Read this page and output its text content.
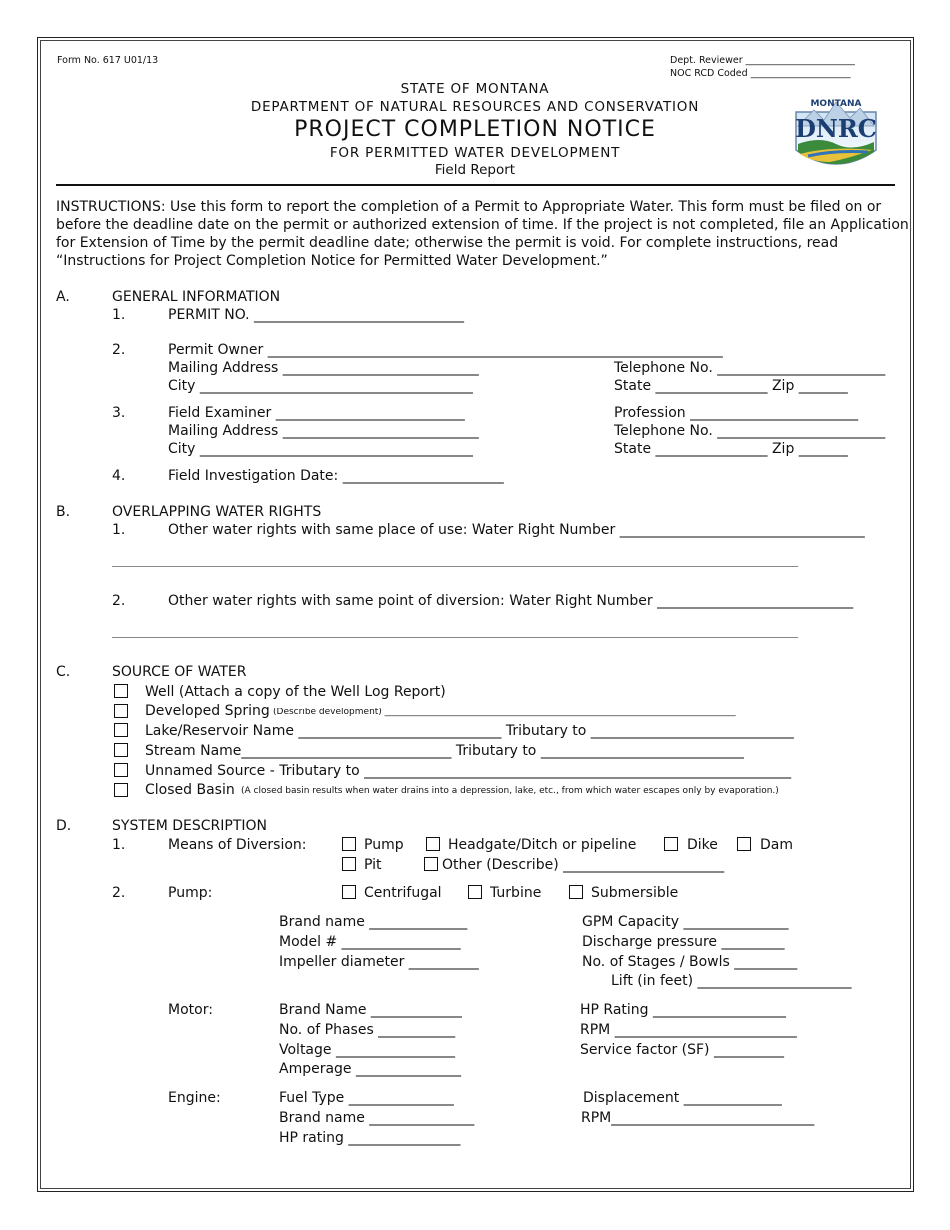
Form No. 617 U01/13	Dept. Reviewer _______________________
NOC RCD Coded _____________________
STATE OF MONTANA
DEPARTMENT OF NATURAL RESOURCES AND CONSERVATION
PROJECT COMPLETION NOTICE
FOR PERMITTED WATER DEVELOPMENT
Field Report
MONTANA
DNRC
INSTRUCTIONS: Use this form to report the completion of a Permit to Appropriate Water. This form must be filed on or
before the deadline date on the permit or authorized extension of time. If the project is not completed, file an Application
for Extension of Time by the permit deadline date; otherwise the permit is void. For complete instructions, read
“Instructions for Project Completion Notice for Permitted Water Development.”
A.	GENERAL INFORMATION
1.	PERMIT NO. ______________________________
2.	Permit Owner _________________________________________________________________
Mailing Address ____________________________	Telephone No. ________________________
City _______________________________________	State ________________ Zip _______
3.	Field Examiner ___________________________	Profession ________________________
Mailing Address ____________________________	Telephone No. ________________________
City _______________________________________	State ________________ Zip _______
4.	Field Investigation Date: _______________________
B.	OVERLAPPING WATER RIGHTS
1.	Other water rights with same place of use: Water Right Number ___________________________________
__________________________________________________________________________________________________
2.	Other water rights with same point of diversion: Water Right Number ____________________________
__________________________________________________________________________________________________
C.	SOURCE OF WATER
Well (Attach a copy of the Well Log Report)
Developed Spring (Describe development) ______________________________________________________________________________
Lake/Reservoir Name _____________________________ Tributary to _____________________________
Stream Name______________________________ Tributary to _____________________________
Unnamed Source - Tributary to _____________________________________________________________
Closed Basin (A closed basin results when water drains into a depression, lake, etc., from which water escapes only by evaporation.)
D.	SYSTEM DESCRIPTION
1.	Means of Diversion:	Pump	Headgate/Ditch or pipeline	Dike	Dam
Pit	Other (Describe) _______________________
2.	Pump:	Centrifugal	Turbine	Submersible
Brand name ______________	GPM Capacity _______________
Model # _________________	Discharge pressure _________
Impeller diameter __________	No. of Stages / Bowls _________
Lift (in feet) ______________________
Motor:	Brand Name _____________	HP Rating ___________________
No. of Phases ___________	RPM __________________________
Voltage _________________	Service factor (SF) __________
Amperage _______________
Engine:	Fuel Type _______________	Displacement ______________
Brand name _______________	RPM_____________________________
HP rating ________________
